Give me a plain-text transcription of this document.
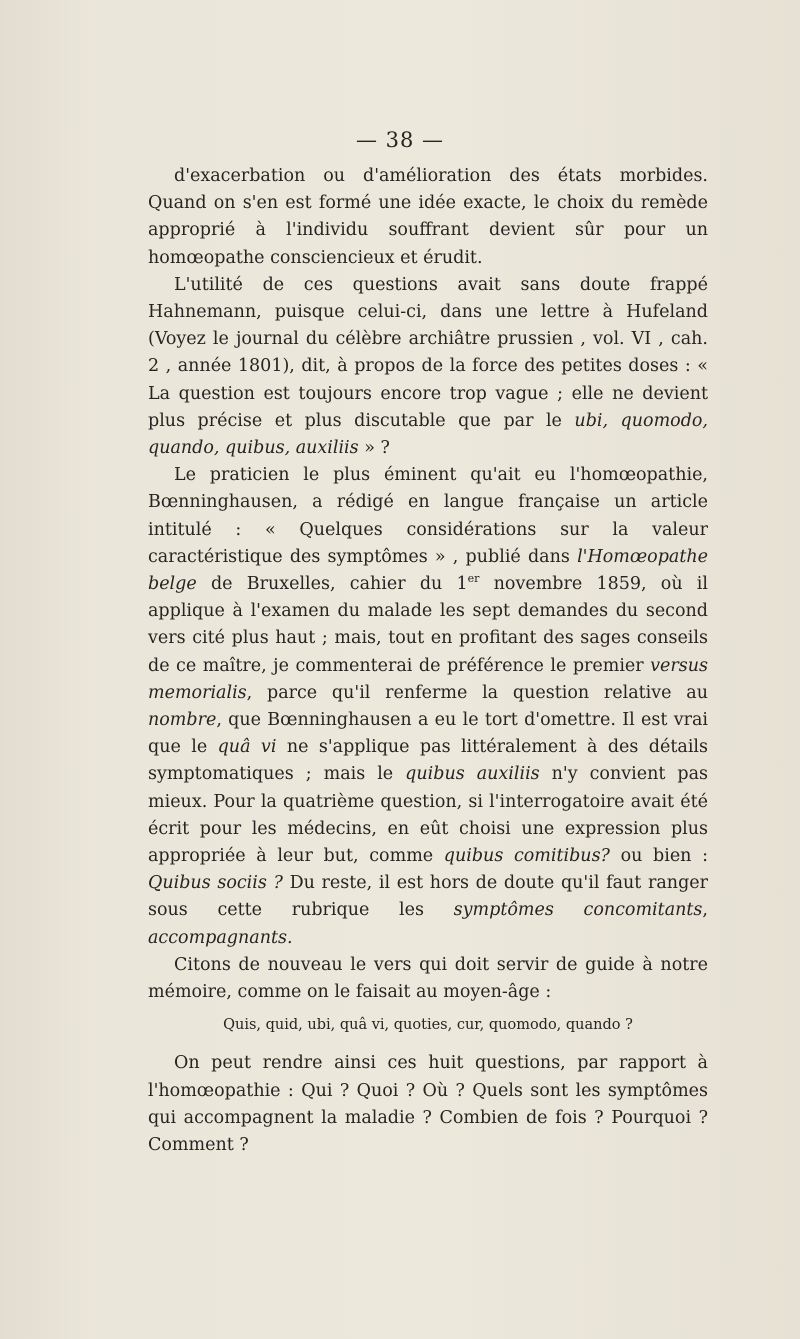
— 38 —

d'exacerbation ou d'amélioration des états morbides. Quand on s'en est formé une idée exacte, le choix du remède approprié à l'individu souffrant devient sûr pour un homœopathe consciencieux et érudit.

L'utilité de ces questions avait sans doute frappé Hahnemann, puisque celui-ci, dans une lettre à Hufeland (Voyez le journal du célèbre archiâtre prussien , vol. VI , cah. 2 , année 1801), dit, à propos de la force des petites doses : « La question est toujours encore trop vague ; elle ne devient plus précise et plus discutable que par le ubi, quomodo, quando, quibus, auxiliis » ?

Le praticien le plus éminent qu'ait eu l'homœopathie, Bœnninghausen, a rédigé en langue française un article intitulé : « Quelques considérations sur la valeur caractéristique des symptômes » , publié dans l'Homœopathe belge de Bruxelles, cahier du 1er novembre 1859, où il applique à l'examen du malade les sept demandes du second vers cité plus haut ; mais, tout en profitant des sages conseils de ce maître, je commenterai de préférence le premier versus memorialis, parce qu'il renferme la question relative au nombre, que Bœnninghausen a eu le tort d'omettre. Il est vrai que le quâ vi ne s'applique pas littéralement à des détails symptomatiques ; mais le quibus auxiliis n'y convient pas mieux. Pour la quatrième question, si l'interrogatoire avait été écrit pour les médecins, en eût choisi une expression plus appropriée à leur but, comme quibus comitibus? ou bien : Quibus sociis ? Du reste, il est hors de doute qu'il faut ranger sous cette rubrique les symptômes concomitants, accompagnants.

Citons de nouveau le vers qui doit servir de guide à notre mémoire, comme on le faisait au moyen-âge :

Quis, quid, ubi, quâ vi, quoties, cur, quomodo, quando ?

On peut rendre ainsi ces huit questions, par rapport à l'homœopathie : Qui ? Quoi ? Où ? Quels sont les symptômes qui accompagnent la maladie ? Combien de fois ? Pourquoi ? Comment ?
